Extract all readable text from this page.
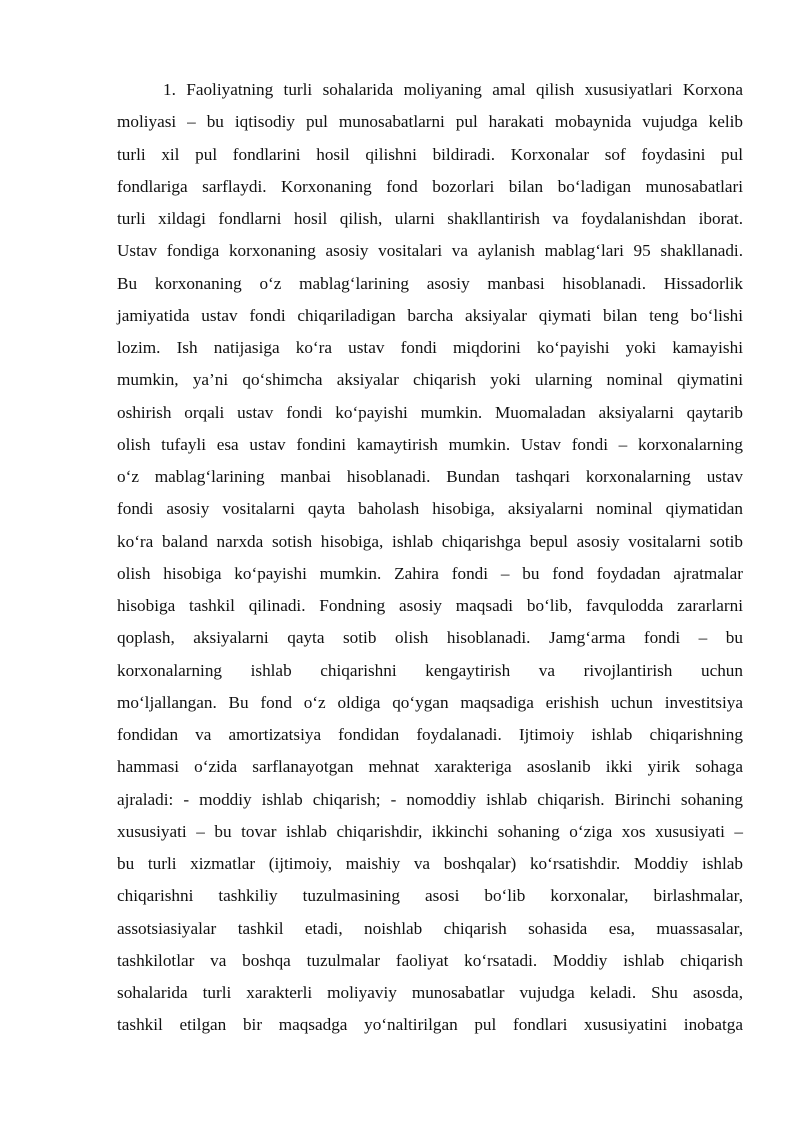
1. Faoliyatning turli sohalarida moliyaning amal qilish xususiyatlari Korxona
moliyasi – bu iqtisodiy pul munosabatlarni pul harakati mobaynida vujudga kelib
turli xil pul fondlarini hosil qilishni bildiradi. Korxonalar sof foydasini pul
fondlariga sarflaydi. Korxonaning fond bozorlari bilan bo‘ladigan munosabatlari
turli xildagi fondlarni hosil qilish, ularni shakllantirish va foydalanishdan iborat.
Ustav fondiga korxonaning asosiy vositalari va aylanish mablag‘lari 95 shakllanadi.
Bu korxonaning o‘z mablag‘larining asosiy manbasi hisoblanadi. Hissadorlik
jamiyatida ustav fondi chiqariladigan barcha aksiyalar qiymati bilan teng bo‘lishi
lozim. Ish natijasiga ko‘ra ustav fondi miqdorini ko‘payishi yoki kamayishi
mumkin, ya’ni qo‘shimcha aksiyalar chiqarish yoki ularning nominal qiymatini
oshirish orqali ustav fondi ko‘payishi mumkin. Muomaladan aksiyalarni qaytarib
olish tufayli esa ustav fondini kamaytirish mumkin. Ustav fondi – korxonalarning
o‘z mablag‘larining manbai hisoblanadi. Bundan tashqari korxonalarning ustav
fondi asosiy vositalarni qayta baholash hisobiga, aksiyalarni nominal qiymatidan
ko‘ra baland narxda sotish hisobiga, ishlab chiqarishga bepul asosiy vositalarni sotib
olish hisobiga ko‘payishi mumkin. Zahira fondi – bu fond foydadan ajratmalar
hisobiga tashkil qilinadi. Fondning asosiy maqsadi bo‘lib, favqulodda zararlarni
qoplash, aksiyalarni qayta sotib olish hisoblanadi. Jamg‘arma fondi – bu
korxonalarning ishlab chiqarishni kengaytirish va rivojlantirish uchun
mo‘ljallangan. Bu fond o‘z oldiga qo‘ygan maqsadiga erishish uchun investitsiya
fondidan va amortizatsiya fondidan foydalanadi. Ijtimoiy ishlab chiqarishning
hammasi o‘zida sarflanayotgan mehnat xarakteriga asoslanib ikki yirik sohaga
ajraladi: - moddiy ishlab chiqarish; - nomoddiy ishlab chiqarish. Birinchi sohaning
xususiyati – bu tovar ishlab chiqarishdir, ikkinchi sohaning o‘ziga xos xususiyati –
bu turli xizmatlar (ijtimoiy, maishiy va boshqalar) ko‘rsatishdir. Moddiy ishlab
chiqarishni tashkiliy tuzulmasining asosi bo‘lib korxonalar, birlashmalar,
assotsiasiyalar tashkil etadi, noishlab chiqarish sohasida esa, muassasalar,
tashkilotlar va boshqa tuzulmalar faoliyat ko‘rsatadi. Moddiy ishlab chiqarish
sohalarida turli xarakterli moliyaviy munosabatlar vujudga keladi. Shu asosda,
tashkil etilgan bir maqsadga yo‘naltirilgan pul fondlari xususiyatini inobatga
